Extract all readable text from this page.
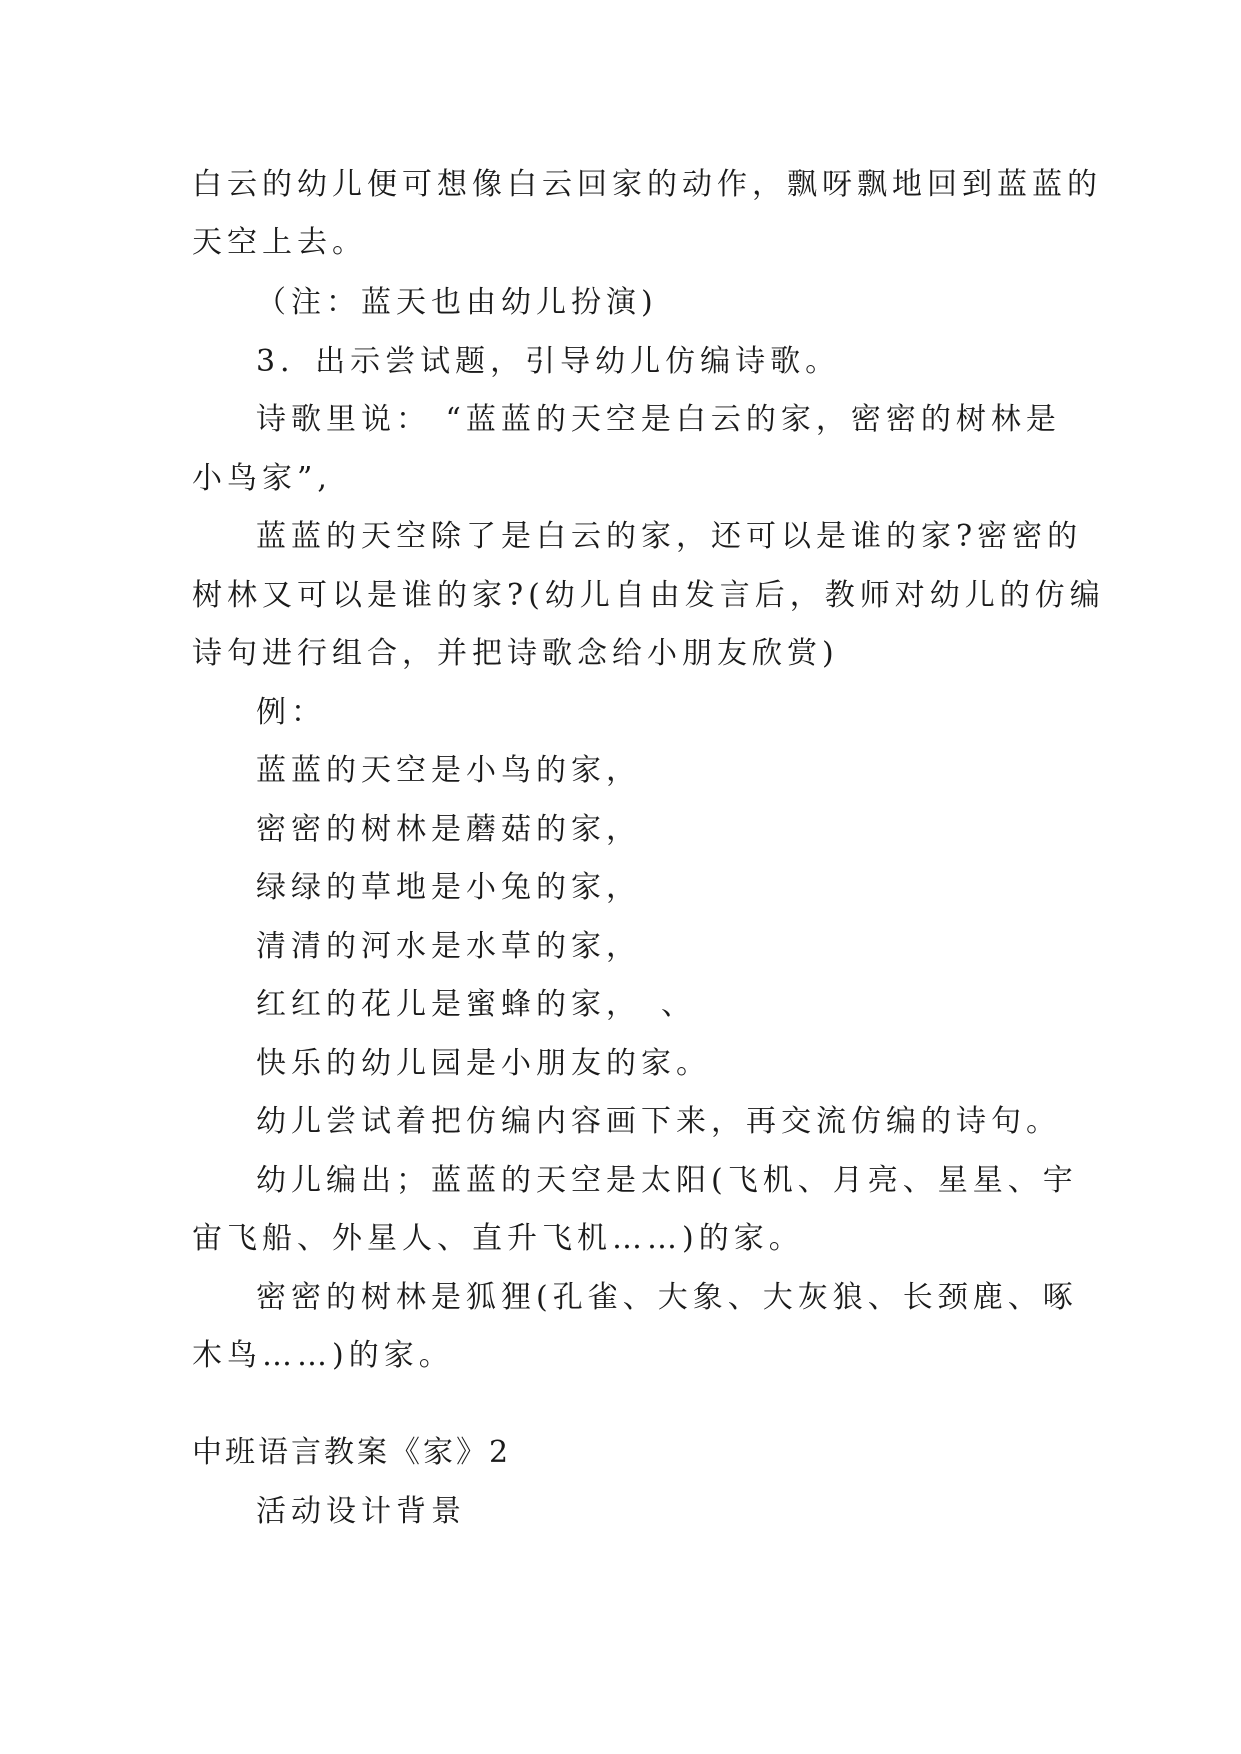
白云的幼儿便可想像白云回家的动作，飘呀飘地回到蓝蓝的
天空上去。
（注：蓝天也由幼儿扮演)
3．出示尝试题，引导幼儿仿编诗歌。
诗歌里说： “蓝蓝的天空是白云的家，密密的树林是
小鸟家”,
蓝蓝的天空除了是白云的家，还可以是谁的家?密密的
树林又可以是谁的家?(幼儿自由发言后，教师对幼儿的仿编
诗句进行组合，并把诗歌念给小朋友欣赏)
例：
蓝蓝的天空是小鸟的家，
密密的树林是蘑菇的家，
绿绿的草地是小兔的家，
清清的河水是水草的家，
红红的花儿是蜜蜂的家，　、
快乐的幼儿园是小朋友的家。
幼儿尝试着把仿编内容画下来，再交流仿编的诗句。
幼儿编出；蓝蓝的天空是太阳(飞机、月亮、星星、宇
宙飞船、外星人、直升飞机……)的家。
密密的树林是狐狸(孔雀、大象、大灰狼、长颈鹿、啄
木鸟……)的家。
中班语言教案《家》2
活动设计背景
